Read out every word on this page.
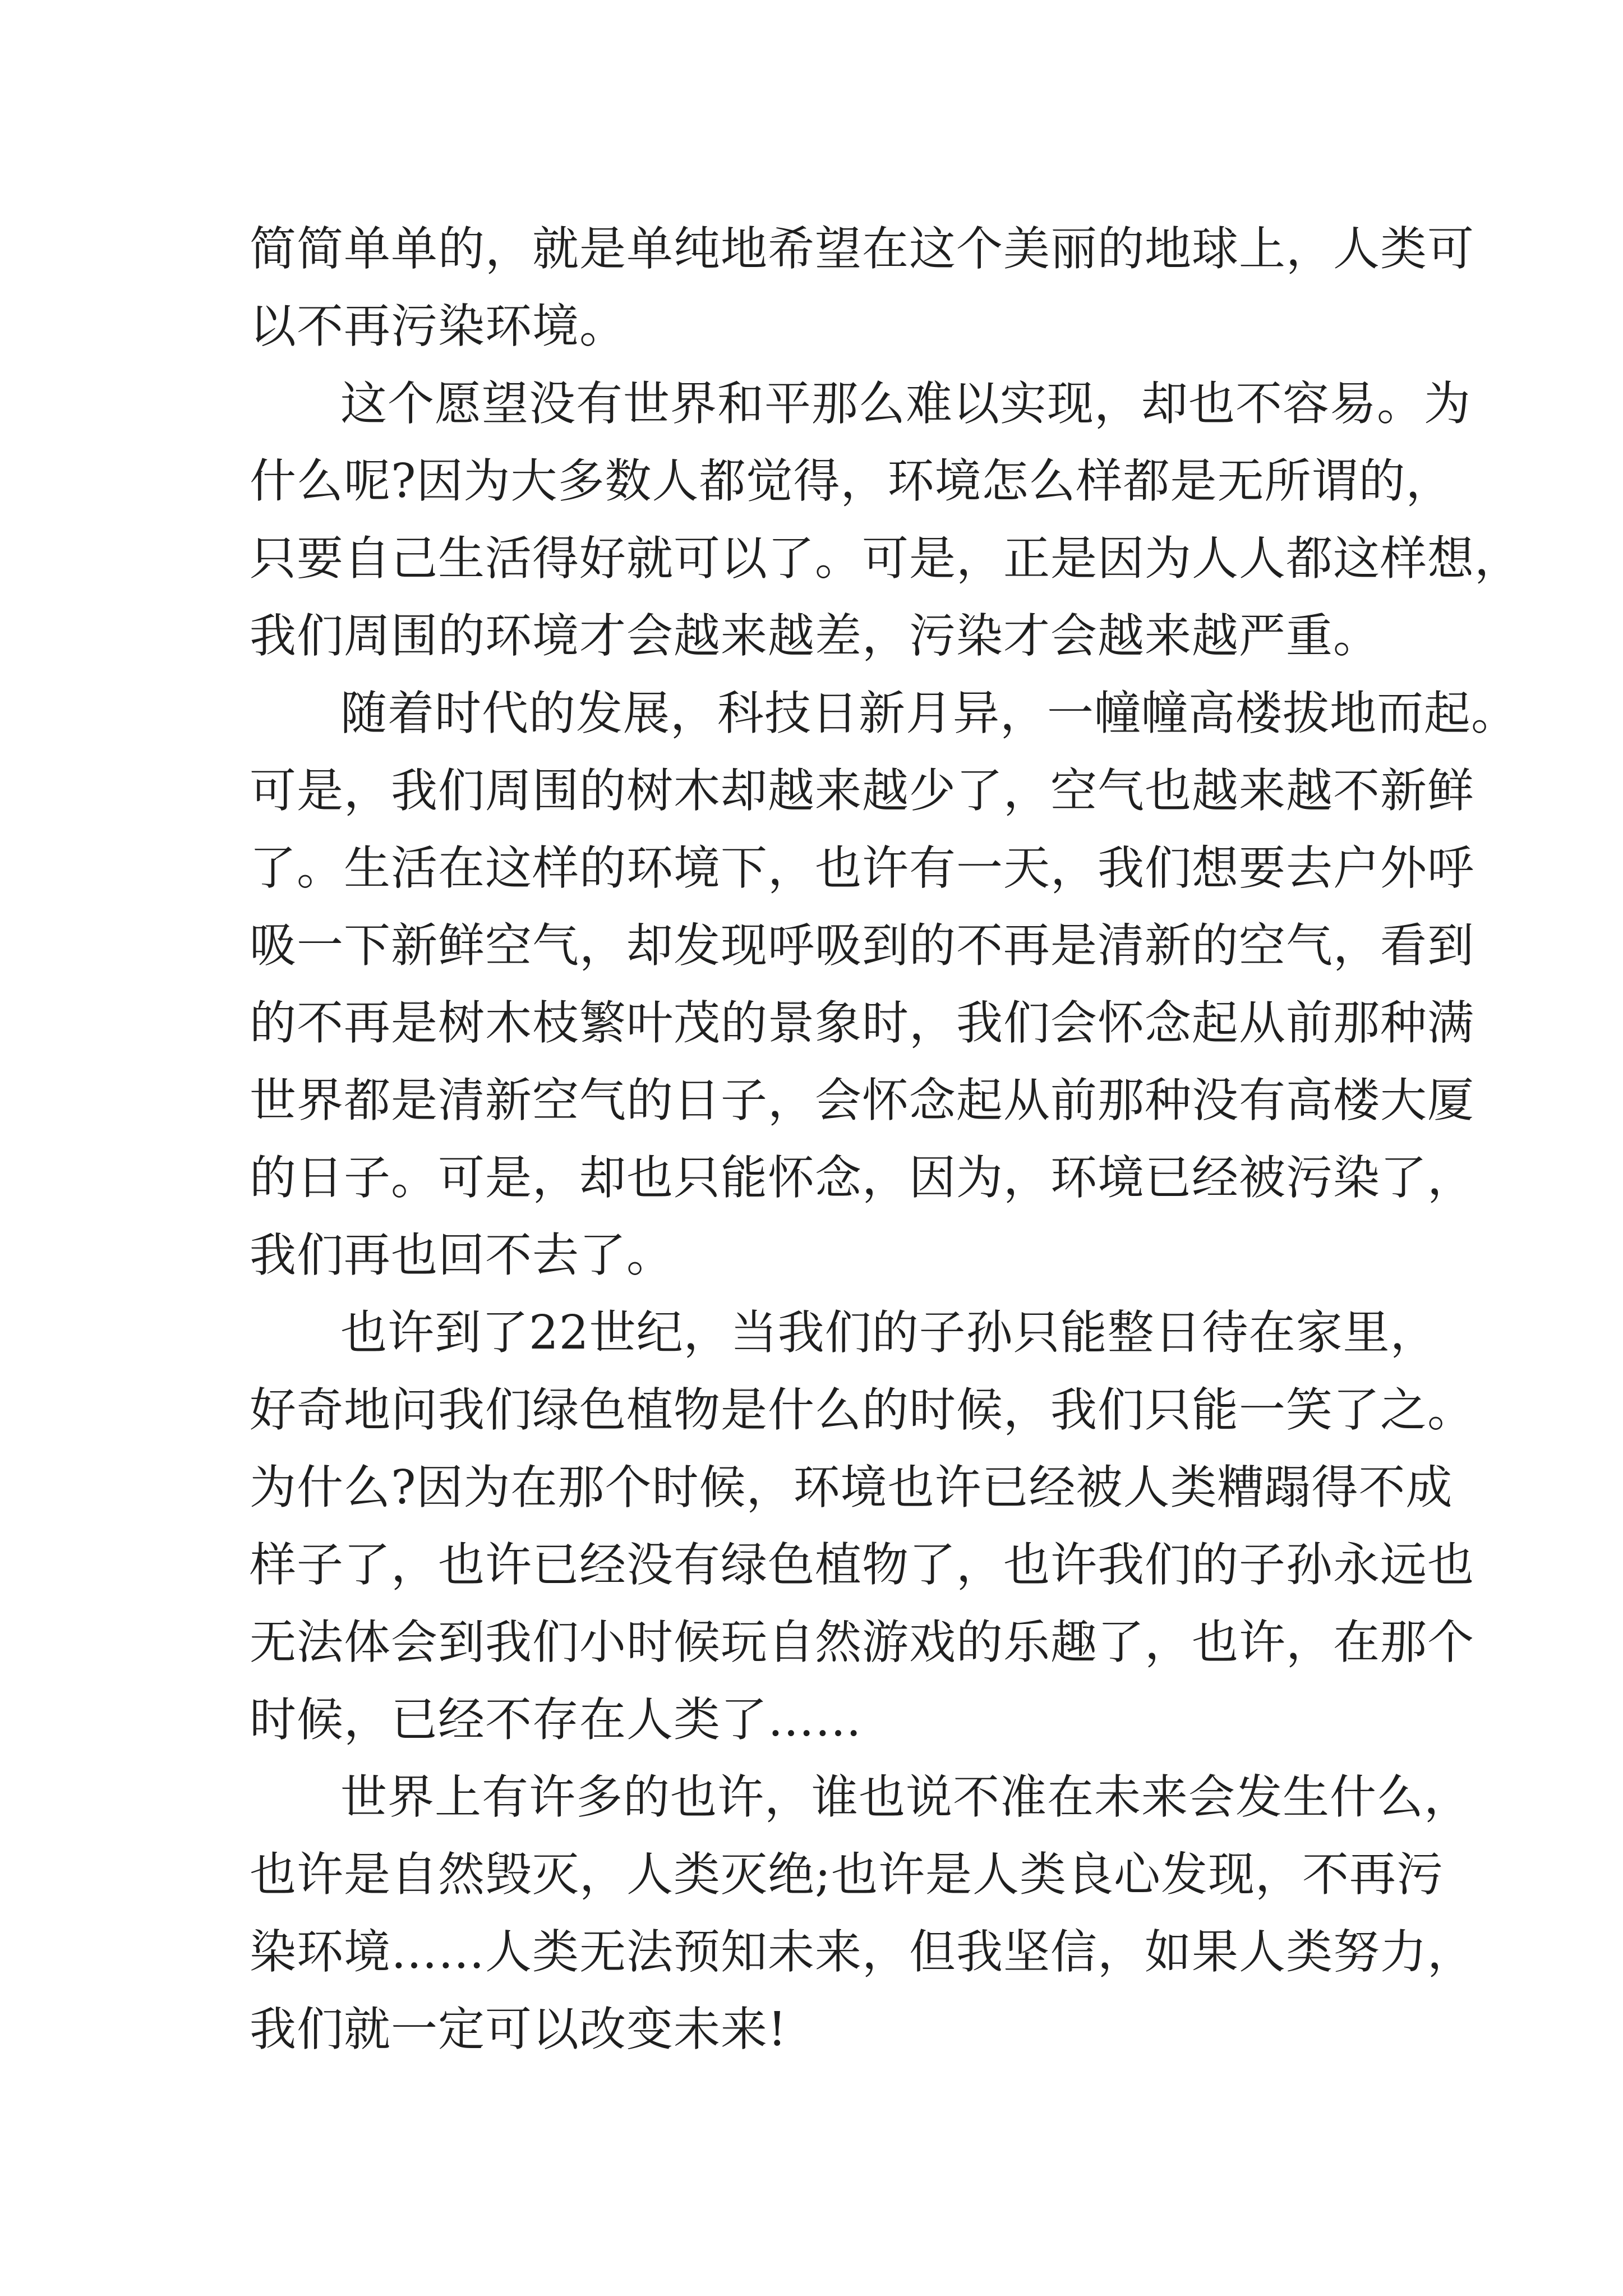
简简单单的，就是单纯地希望在这个美丽的地球上，人类可
以不再污染环境。
这个愿望没有世界和平那么难以实现，却也不容易。为
什么呢?因为大多数人都觉得，环境怎么样都是无所谓的，
只要自己生活得好就可以了。可是，正是因为人人都这样想，
我们周围的环境才会越来越差，污染才会越来越严重。
随着时代的发展，科技日新月异，一幢幢高楼拔地而起。
可是，我们周围的树木却越来越少了，空气也越来越不新鲜
了。生活在这样的环境下，也许有一天，我们想要去户外呼
吸一下新鲜空气，却发现呼吸到的不再是清新的空气，看到
的不再是树木枝繁叶茂的景象时，我们会怀念起从前那种满
世界都是清新空气的日子，会怀念起从前那种没有高楼大厦
的日子。可是，却也只能怀念，因为，环境已经被污染了，
我们再也回不去了。
也许到了22世纪，当我们的子孙只能整日待在家里，
好奇地问我们绿色植物是什么的时候，我们只能一笑了之。
为什么?因为在那个时候，环境也许已经被人类糟蹋得不成
样子了，也许已经没有绿色植物了，也许我们的子孙永远也
无法体会到我们小时候玩自然游戏的乐趣了，也许，在那个
时候，已经不存在人类了……
世界上有许多的也许，谁也说不准在未来会发生什么，
也许是自然毁灭，人类灭绝;也许是人类良心发现，不再污
染环境……人类无法预知未来，但我坚信，如果人类努力，
我们就一定可以改变未来!
